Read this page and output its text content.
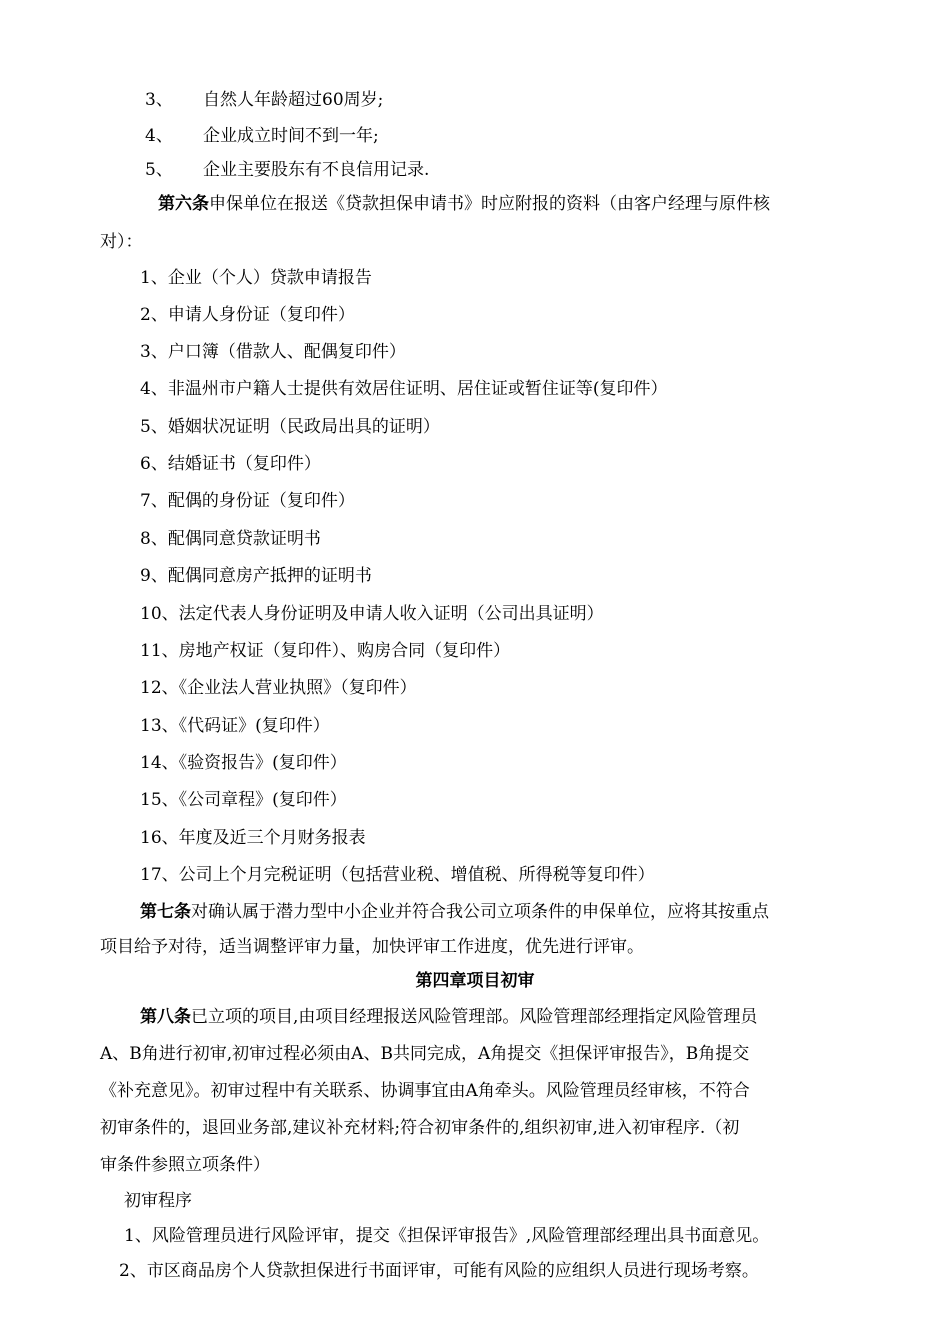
3、 自然人年龄超过60周岁;
4、 企业成立时间不到一年;
5、 企业主要股东有不良信用记录.
第六条申保单位在报送《贷款担保申请书》时应附报的资料（由客户经理与原件核
对）：
1、企业（个人）贷款申请报告
2、申请人身份证（复印件）
3、户口簿（借款人、配偶复印件）
4、非温州市户籍人士提供有效居住证明、居住证或暂住证等(复印件）
5、婚姻状况证明（民政局出具的证明）
6、结婚证书（复印件）
7、配偶的身份证（复印件）
8、配偶同意贷款证明书
9、配偶同意房产抵押的证明书
10、法定代表人身份证明及申请人收入证明（公司出具证明）
11、房地产权证（复印件）、购房合同（复印件）
12、《企业法人营业执照》（复印件）
13、《代码证》(复印件）
14、《验资报告》(复印件）
15、《公司章程》(复印件）
16、年度及近三个月财务报表
17、公司上个月完税证明（包括营业税、增值税、所得税等复印件）
第七条对确认属于潜力型中小企业并符合我公司立项条件的申保单位，应将其按重点
项目给予对待，适当调整评审力量，加快评审工作进度，优先进行评审。
第四章项目初审
第八条已立项的项目,由项目经理报送风险管理部。风险管理部经理指定风险管理员
A、B角进行初审,初审过程必须由A、B共同完成，A角提交《担保评审报告》，B角提交
《补充意见》。初审过程中有关联系、协调事宜由A角牵头。风险管理员经审核，不符合
初审条件的，退回业务部,建议补充材料;符合初审条件的,组织初审,进入初审程序.（初
审条件参照立项条件）
初审程序
1、风险管理员进行风险评审，提交《担保评审报告》,风险管理部经理出具书面意见。
2、市区商品房个人贷款担保进行书面评审，可能有风险的应组织人员进行现场考察。
